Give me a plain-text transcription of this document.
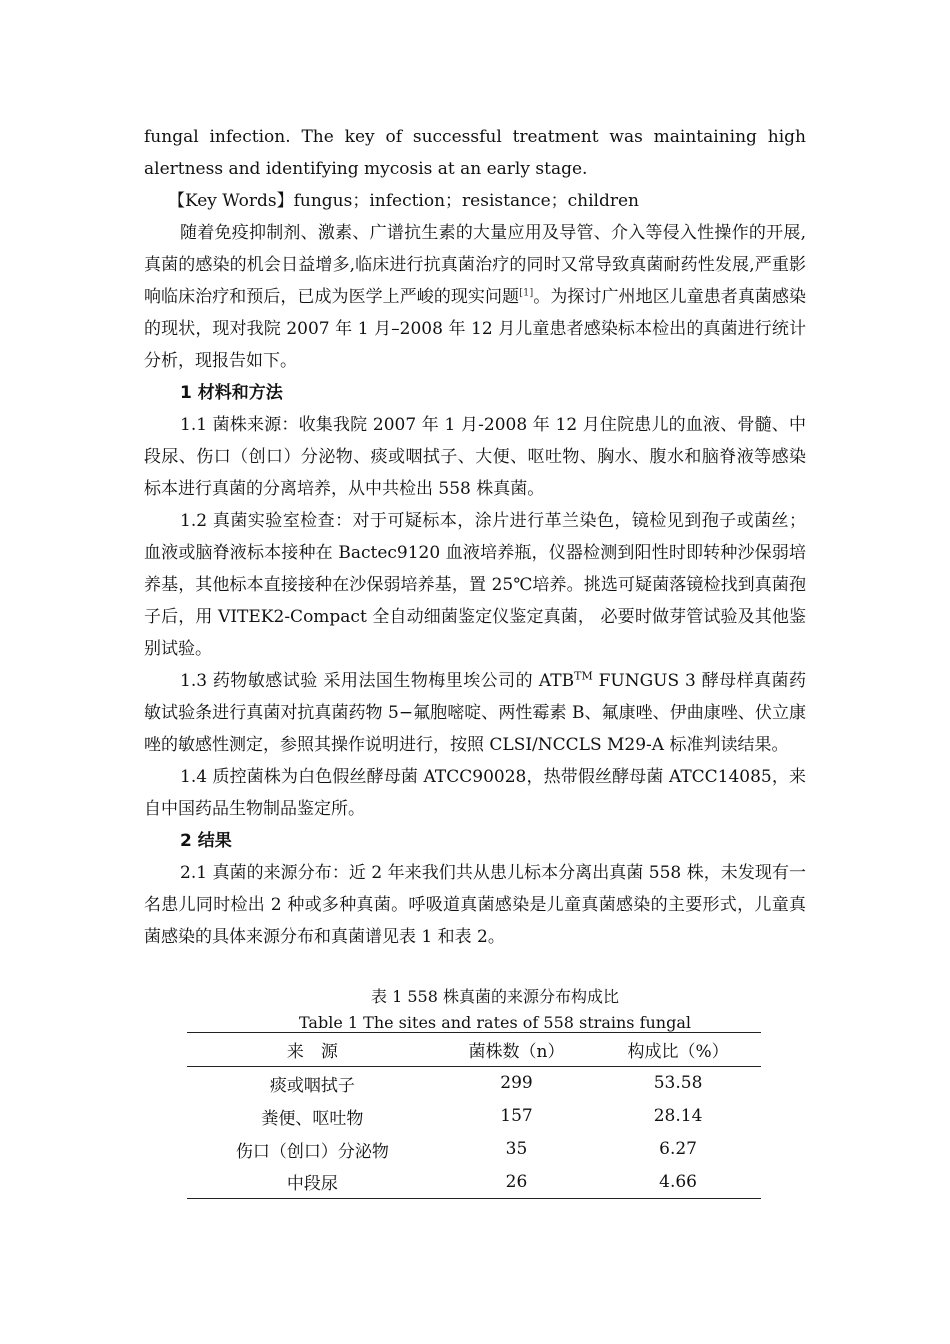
fungal infection. The key of successful treatment was maintaining high alertness and identifying mycosis at an early stage.

【Key Words】fungus；infection；resistance；children

随着免疫抑制剂、激素、广谱抗生素的大量应用及导管、介入等侵入性操作的开展,真菌的感染的机会日益增多,临床进行抗真菌治疗的同时又常导致真菌耐药性发展,严重影响临床治疗和预后，已成为医学上严峻的现实问题[1]。为探讨广州地区儿童患者真菌感染的现状，现对我院 2007 年 1 月–2008 年 12 月儿童患者感染标本检出的真菌进行统计分析，现报告如下。

1 材料和方法

1.1 菌株来源：收集我院 2007 年 1 月-2008 年 12 月住院患儿的血液、骨髓、中段尿、伤口（创口）分泌物、痰或咽拭子、大便、呕吐物、胸水、腹水和脑脊液等感染标本进行真菌的分离培养，从中共检出 558 株真菌。

1.2 真菌实验室检查：对于可疑标本，涂片进行革兰染色，镜检见到孢子或菌丝；血液或脑脊液标本接种在 Bactec9120 血液培养瓶，仪器检测到阳性时即转种沙保弱培养基，其他标本直接接种在沙保弱培养基，置 25℃培养。挑选可疑菌落镜检找到真菌孢子后，用 VITEK2-Compact 全自动细菌鉴定仪鉴定真菌， 必要时做芽管试验及其他鉴别试验。

1.3 药物敏感试验 采用法国生物梅里埃公司的 ATB™ FUNGUS 3 酵母样真菌药敏试验条进行真菌对抗真菌药物 5−氟胞嘧啶、两性霉素 B、氟康唑、伊曲康唑、伏立康唑的敏感性测定，参照其操作说明进行，按照 CLSI/NCCLS M29-A 标准判读结果。

1.4 质控菌株为白色假丝酵母菌 ATCC90028，热带假丝酵母菌 ATCC14085，来自中国药品生物制品鉴定所。

2 结果

2.1 真菌的来源分布：近 2 年来我们共从患儿标本分离出真菌 558 株，未发现有一名患儿同时检出 2 种或多种真菌。呼吸道真菌感染是儿童真菌感染的主要形式，儿童真菌感染的具体来源分布和真菌谱见表 1 和表 2。

表 1 558 株真菌的来源分布构成比

Table 1 The sites and rates of 558 strains fungal

来　源	菌株数（n）	构成比（%）
痰或咽拭子	299	53.58
粪便、呕吐物	157	28.14
伤口（创口）分泌物	35	6.27
中段尿	26	4.66
